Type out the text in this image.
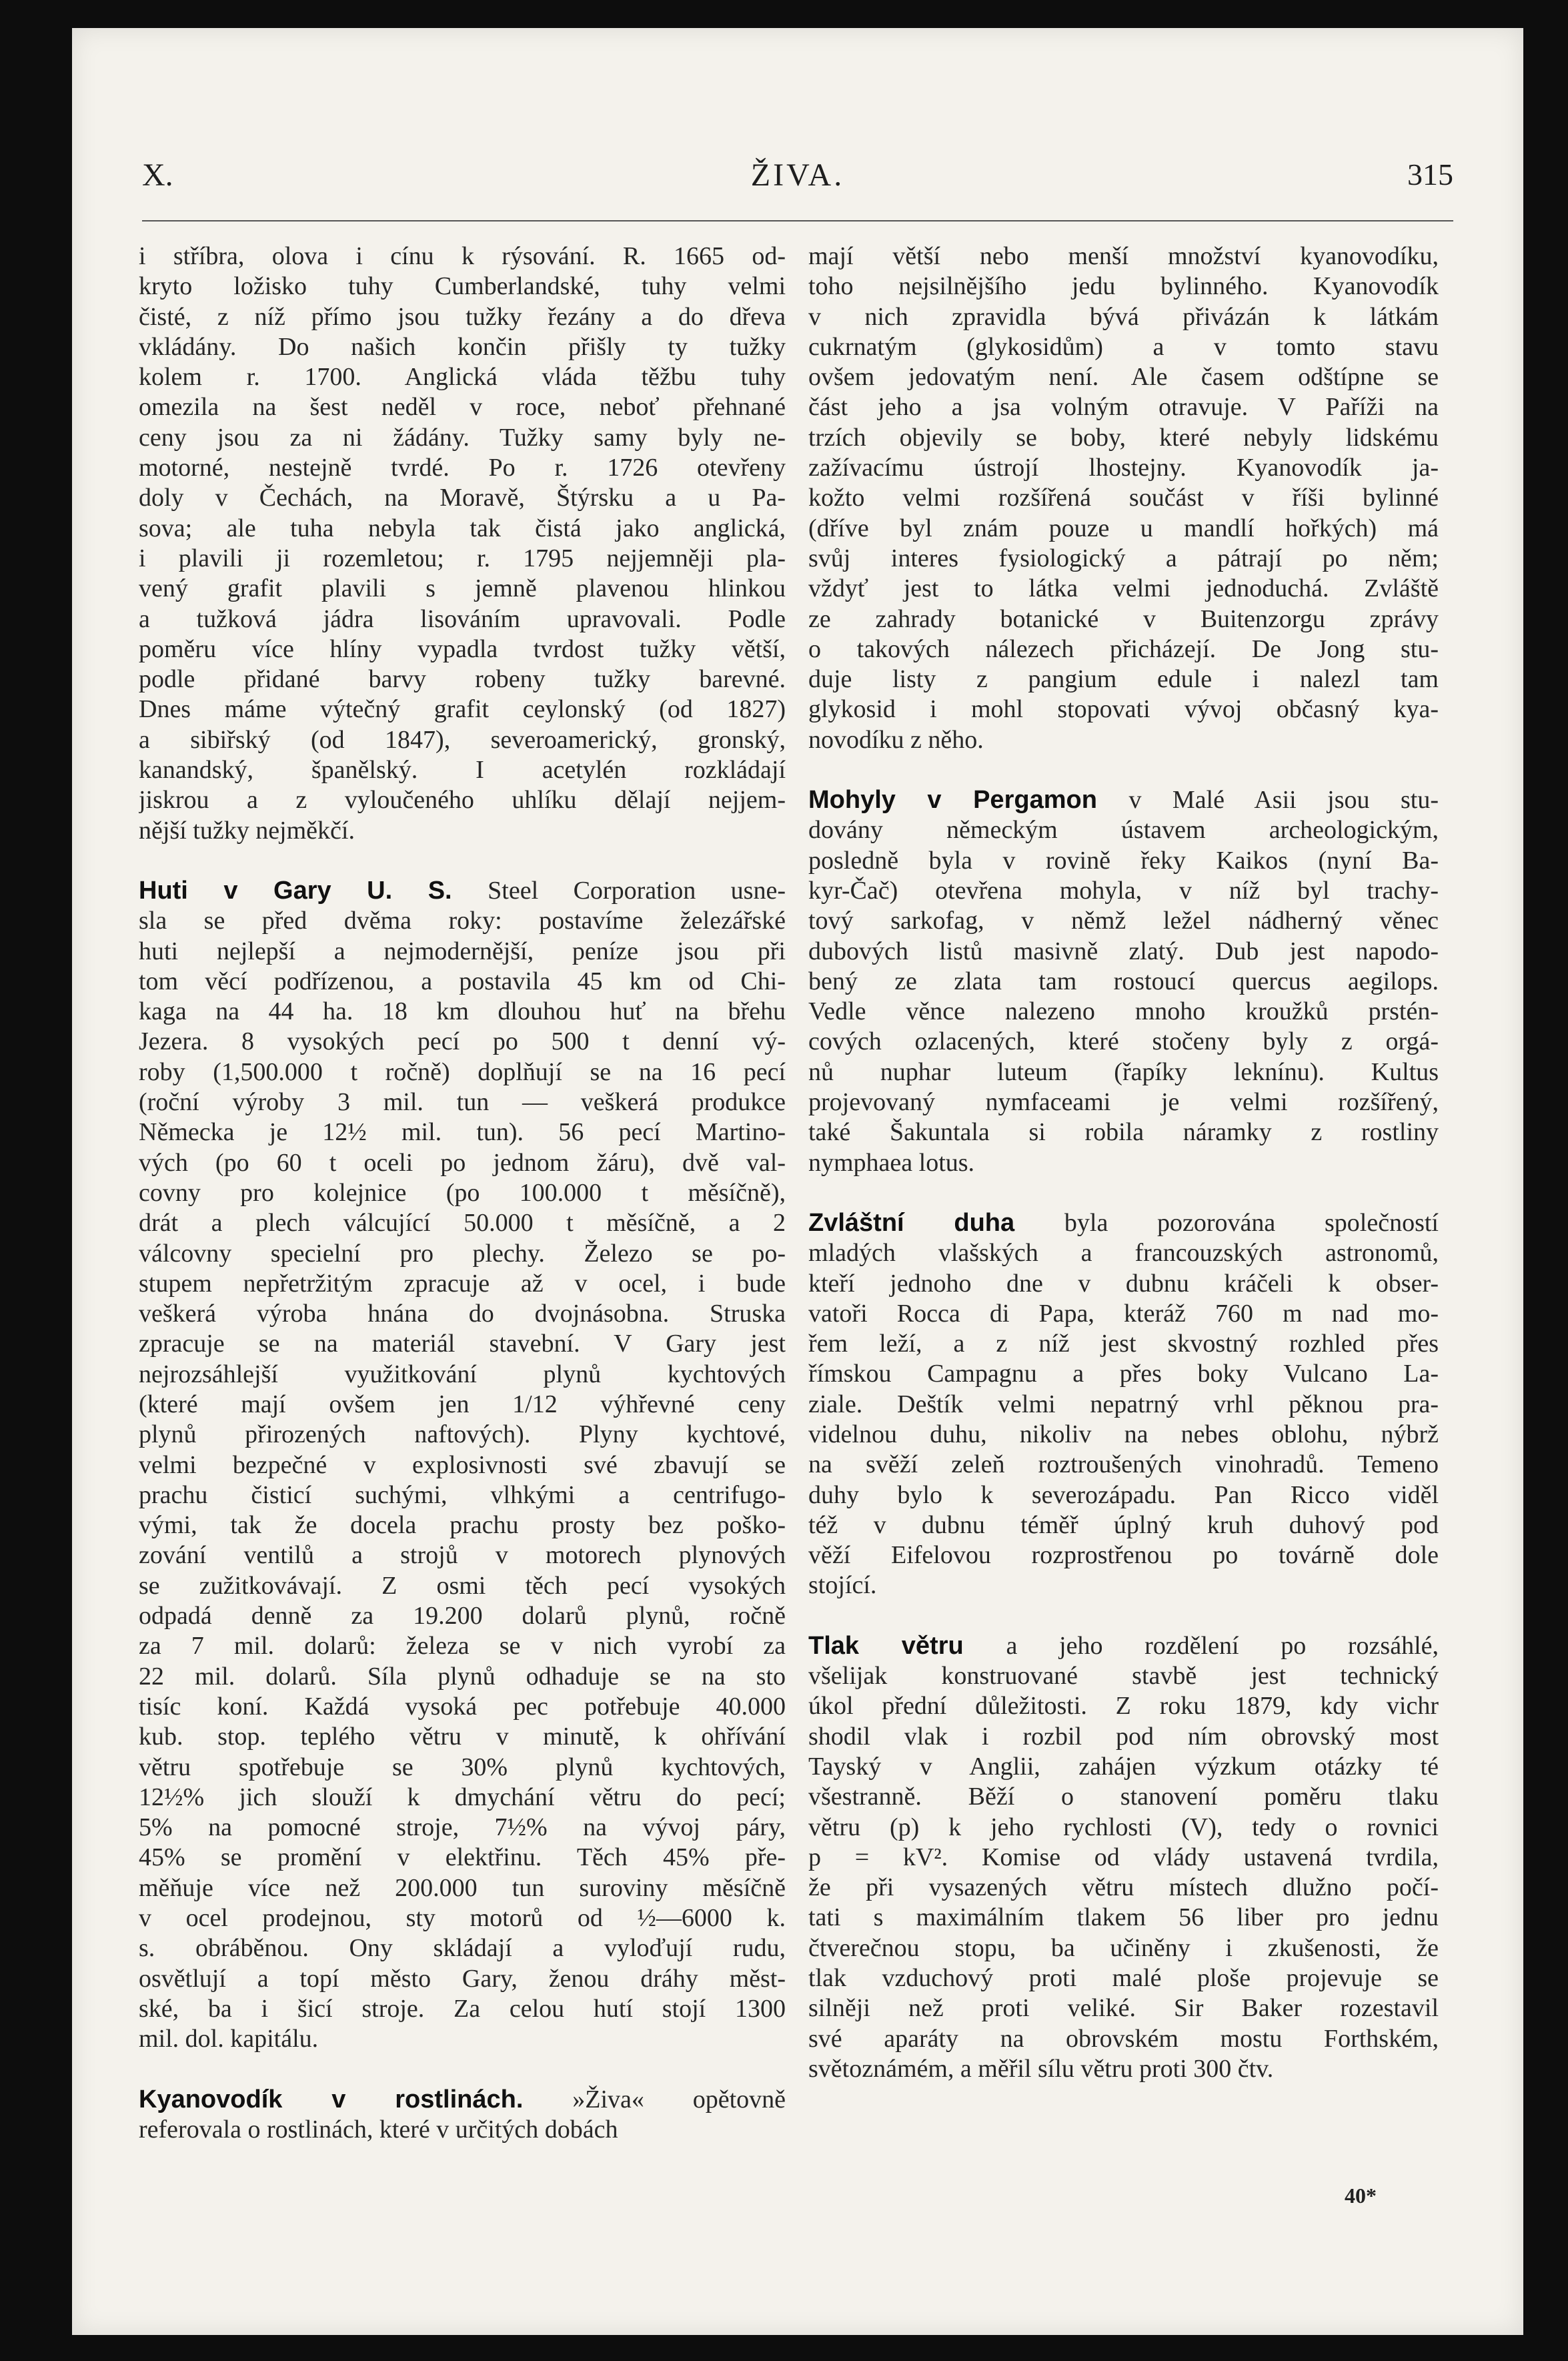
X.	ŽIVA.	315
i stříbra, olova i cínu k rýsování. R. 1665 od-
kryto ložisko tuhy Cumberlandské, tuhy velmi
čisté, z níž přímo jsou tužky řezány a do dřeva
vkládány. Do našich končin přišly ty tužky
kolem r. 1700. Anglická vláda těžbu tuhy
omezila na šest neděl v roce, neboť přehnané
ceny jsou za ni žádány. Tužky samy byly ne-
motorné, nestejně tvrdé. Po r. 1726 otevřeny
doly v Čechách, na Moravě, Štýrsku a u Pa-
sova; ale tuha nebyla tak čistá jako anglická,
i plavili ji rozemletou; r. 1795 nejjemněji pla-
vený grafit plavili s jemně plavenou hlinkou
a tužková jádra lisováním upravovali. Podle
poměru více hlíny vypadla tvrdost tužky větší,
podle přidané barvy robeny tužky barevné.
Dnes máme výtečný grafit ceylonský (od 1827)
a sibiřský (od 1847), severoamerický, gronský,
kanandský, španělský. I acetylén rozkládají
jiskrou a z vyloučeného uhlíku dělají nejjem-
nější tužky nejměkčí.
Huti v Gary U. S. Steel Corporation usne-
sla se před dvěma roky: postavíme železářské
huti nejlepší a nejmodernější, peníze jsou při
tom věcí podřízenou, a postavila 45 km od Chi-
kaga na 44 ha. 18 km dlouhou huť na břehu
Jezera. 8 vysokých pecí po 500 t denní vý-
roby (1,500.000 t ročně) doplňují se na 16 pecí
(roční výroby 3 mil. tun — veškerá produkce
Německa je 12½ mil. tun). 56 pecí Martino-
vých (po 60 t oceli po jednom žáru), dvě val-
covny pro kolejnice (po 100.000 t měsíčně),
drát a plech válcující 50.000 t měsíčně, a 2
válcovny specielní pro plechy. Železo se po-
stupem nepřetržitým zpracuje až v ocel, i bude
veškerá výroba hnána do dvojnásobna. Struska
zpracuje se na materiál stavební. V Gary jest
nejrozsáhlejší využitkování plynů kychtových
(které mají ovšem jen 1/12 výhřevné ceny
plynů přirozených naftových). Plyny kychtové,
velmi bezpečné v explosivnosti své zbavují se
prachu čisticí suchými, vlhkými a centrifugo-
vými, tak že docela prachu prosty bez poško-
zování ventilů a strojů v motorech plynových
se zužitkovávají. Z osmi těch pecí vysokých
odpadá denně za 19.200 dolarů plynů, ročně
za 7 mil. dolarů: železa se v nich vyrobí za
22 mil. dolarů. Síla plynů odhaduje se na sto
tisíc koní. Každá vysoká pec potřebuje 40.000
kub. stop. teplého větru v minutě, k ohřívání
větru spotřebuje se 30% plynů kychtových,
12½% jich slouží k dmychání větru do pecí;
5% na pomocné stroje, 7½% na vývoj páry,
45% se promění v elektřinu. Těch 45% pře-
měňuje více než 200.000 tun suroviny měsíčně
v ocel prodejnou, sty motorů od ½—6000 k.
s. obráběnou. Ony skládají a vyloďují rudu,
osvětlují a topí město Gary, ženou dráhy měst-
ské, ba i šicí stroje. Za celou hutí stojí 1300
mil. dol. kapitálu.
Kyanovodík v rostlinách. »Živa« opětovně
referovala o rostlinách, které v určitých dobách
mají větší nebo menší množství kyanovodíku,
toho nejsilnějšího jedu bylinného. Kyanovodík
v nich zpravidla bývá přivázán k látkám
cukrnatým (glykosidům) a v tomto stavu
ovšem jedovatým není. Ale časem odštípne se
část jeho a jsa volným otravuje. V Paříži na
trzích objevily se boby, které nebyly lidskému
zažívacímu ústrojí lhostejny. Kyanovodík ja-
kožto velmi rozšířená součást v říši bylinné
(dříve byl znám pouze u mandlí hořkých) má
svůj interes fysiologický a pátrají po něm;
vždyť jest to látka velmi jednoduchá. Zvláště
ze zahrady botanické v Buitenzorgu zprávy
o takových nálezech přicházejí. De Jong stu-
duje listy z pangium edule i nalezl tam
glykosid i mohl stopovati vývoj občasný kya-
novodíku z něho.
Mohyly v Pergamon v Malé Asii jsou stu-
dovány německým ústavem archeologickým,
posledně byla v rovině řeky Kaikos (nyní Ba-
kyr-Čač) otevřena mohyla, v níž byl trachy-
tový sarkofag, v němž ležel nádherný věnec
dubových listů masivně zlatý. Dub jest napodo-
bený ze zlata tam rostoucí quercus aegilops.
Vedle věnce nalezeno mnoho kroužků prstén-
cových ozlacených, které stočeny byly z orgá-
nů nuphar luteum (řapíky leknínu). Kultus
projevovaný nymfaceami je velmi rozšířený,
také Šakuntala si robila náramky z rostliny
nymphaea lotus.
Zvláštní duha byla pozorována společností
mladých vlašských a francouzských astronomů,
kteří jednoho dne v dubnu kráčeli k obser-
vatoři Rocca di Papa, kteráž 760 m nad mo-
řem leží, a z níž jest skvostný rozhled přes
římskou Campagnu a přes boky Vulcano La-
ziale. Deštík velmi nepatrný vrhl pěknou pra-
videlnou duhu, nikoliv na nebes oblohu, nýbrž
na svěží zeleň roztroušených vinohradů. Temeno
duhy bylo k severozápadu. Pan Ricco viděl
též v dubnu téměř úplný kruh duhový pod
věží Eifelovou rozprostřenou po továrně dole
stojící.
Tlak větru a jeho rozdělení po rozsáhlé,
všelijak konstruované stavbě jest technický
úkol přední důležitosti. Z roku 1879, kdy vichr
shodil vlak i rozbil pod ním obrovský most
Tayský v Anglii, zahájen výzkum otázky té
všestranně. Běží o stanovení poměru tlaku
větru (p) k jeho rychlosti (V), tedy o rovnici
p = kV². Komise od vlády ustavená tvrdila,
že při vysazených větru místech dlužno počí-
tati s maximálním tlakem 56 liber pro jednu
čtverečnou stopu, ba učiněny i zkušenosti, že
tlak vzduchový proti malé ploše projevuje se
silněji než proti veliké. Sir Baker rozestavil
své aparáty na obrovském mostu Forthském,
světoznámém, a měřil sílu větru proti 300 čtv.
40*
